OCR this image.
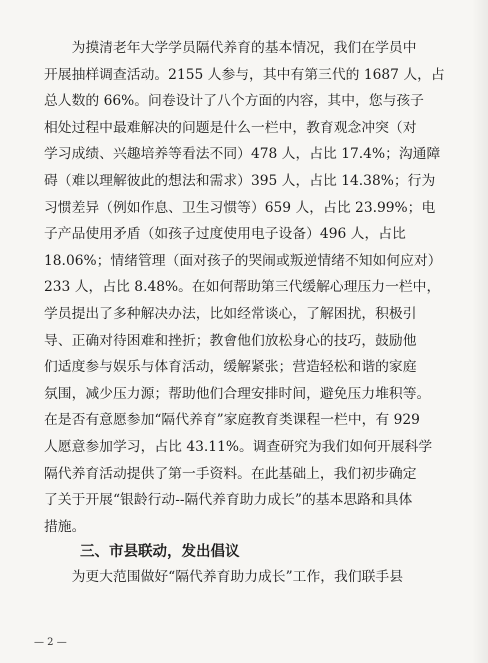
　　为摸清老年大学学员隔代养育的基本情况，我们在学员中
开展抽样调查活动。2155 人参与，其中有第三代的 1687 人，占
总人数的 66%。问卷设计了八个方面的内容，其中，您与孩子
相处过程中最难解决的问题是什么一栏中，教育观念冲突（对
学习成绩、兴趣培养等看法不同）478 人，占比 17.4%；沟通障
碍（难以理解彼此的想法和需求）395 人，占比 14.38%；行为
习惯差异（例如作息、卫生习惯等）659 人，占比 23.99%；电
子产品使用矛盾（如孩子过度使用电子设备）496 人，占比
18.06%；情绪管理（面对孩子的哭闹或叛逆情绪不知如何应对）
233 人，占比 8.48%。在如何帮助第三代缓解心理压力一栏中，
学员提出了多种解决办法，比如经常谈心，了解困扰，积极引
导、正确对待困难和挫折；教會他们放松身心的技巧，鼓励他
们适度参与娱乐与体育活动，缓解紧张；营造轻松和谐的家庭
氛围，减少压力源；帮助他们合理安排时间，避免压力堆积等。
在是否有意愿参加“隔代养育”家庭教育类课程一栏中，有 929
人愿意参加学习，占比 43.11%。调查研究为我们如何开展科学
隔代养育活动提供了第一手资料。在此基础上，我们初步确定
了关于开展“银龄行动--隔代养育助力成长”的基本思路和具体
措施。
三、市县联动，发出倡议
　　为更大范围做好“隔代养育助力成长”工作，我们联手县
— 2 —
